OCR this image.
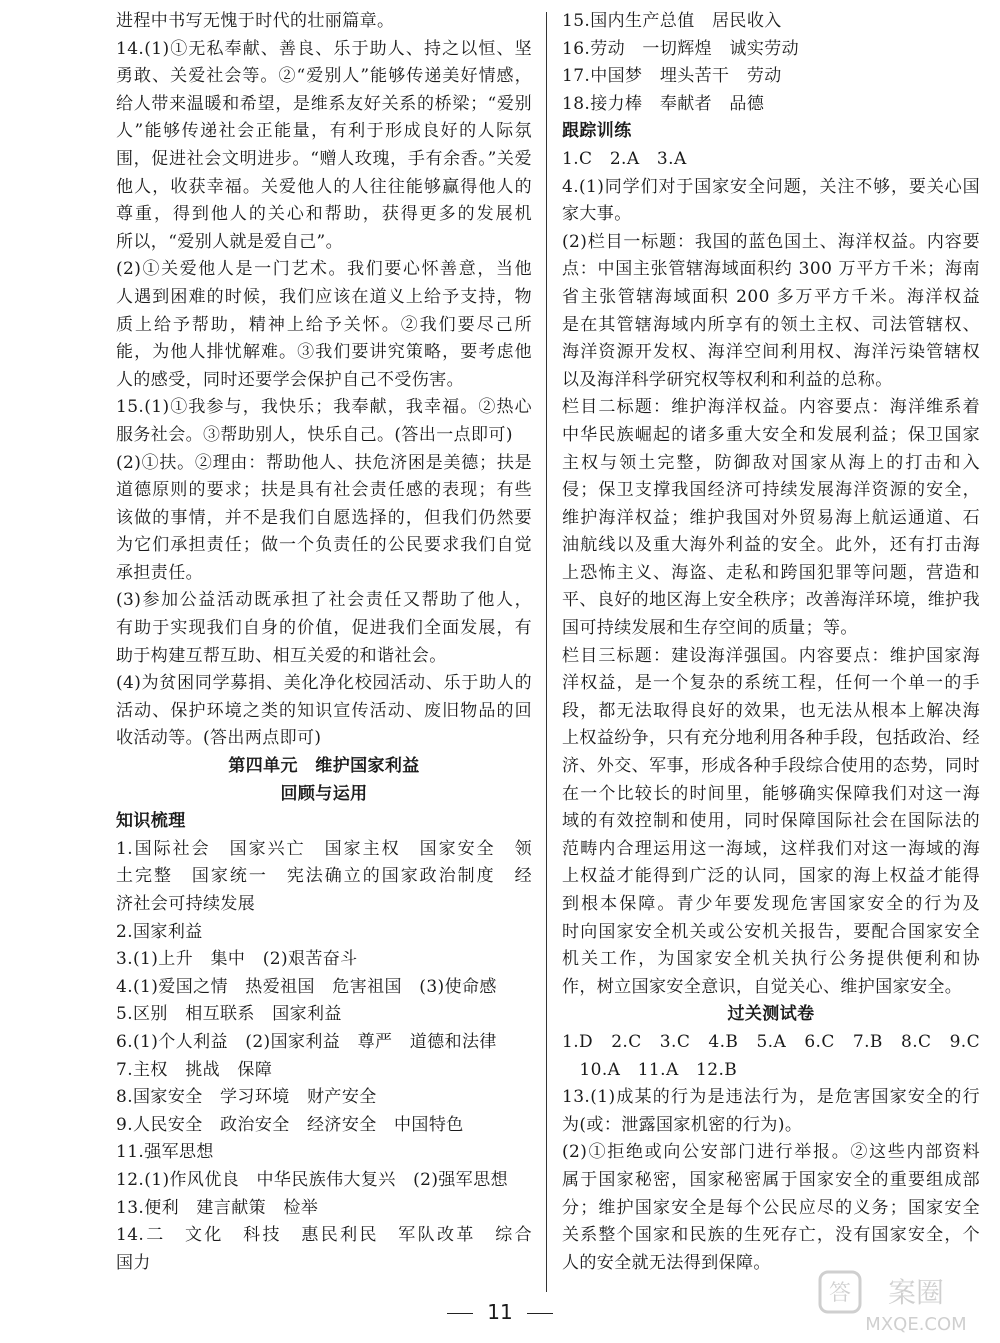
进程中书写无愧于时代的壮丽篇章。
14.(1)①无私奉献、善良、乐于助人、持之以恒、坚
勇敢、关爱社会等。②“爱别人”能够传递美好情感，
给人带来温暖和希望，是维系友好关系的桥梁；“爱别
人”能够传递社会正能量，有利于形成良好的人际氛
围，促进社会文明进步。“赠人玫瑰，手有余香。”关爱
他人，收获幸福。关爱他人的人往往能够赢得他人的
尊重，得到他人的关心和帮助，获得更多的发展机
所以，“爱别人就是爱自己”。
(2)①关爱他人是一门艺术。我们要心怀善意，当他
人遇到困难的时候，我们应该在道义上给予支持，物
质上给予帮助，精神上给予关怀。②我们要尽己所
能，为他人排忧解难。③我们要讲究策略，要考虑他
人的感受，同时还要学会保护自己不受伤害。
15.(1)①我参与，我快乐；我奉献，我幸福。②热心
服务社会。③帮助别人，快乐自己。(答出一点即可)
(2)①扶。②理由：帮助他人、扶危济困是美德；扶是
道德原则的要求；扶是具有社会责任感的表现；有些
该做的事情，并不是我们自愿选择的，但我们仍然要
为它们承担责任；做一个负责任的公民要求我们自觉
承担责任。
(3)参加公益活动既承担了社会责任又帮助了他人，
有助于实现我们自身的价值，促进我们全面发展，有
助于构建互帮互助、相互关爱的和谐社会。
(4)为贫困同学募捐、美化净化校园活动、乐于助人的
活动、保护环境之类的知识宣传活动、废旧物品的回
收活动等。(答出两点即可)
第四单元　维护国家利益
回顾与运用
知识梳理
1.国际社会　国家兴亡　国家主权　国家安全　领
土完整　国家统一　宪法确立的国家政治制度　经
济社会可持续发展
2.国家利益
3.(1)上升　集中　(2)艰苦奋斗
4.(1)爱国之情　热爱祖国　危害祖国　(3)使命感
5.区别　相互联系　国家利益
6.(1)个人利益　(2)国家利益　尊严　道德和法律
7.主权　挑战　保障
8.国家安全　学习环境　财产安全
9.人民安全　政治安全　经济安全　中国特色
11.强军思想
12.(1)作风优良　中华民族伟大复兴　(2)强军思想
13.便利　建言献策　检举
14.二　文化　科技　惠民利民　军队改革　综合
国力
15.国内生产总值　居民收入
16.劳动　一切辉煌　诚实劳动
17.中国梦　埋头苦干　劳动
18.接力棒　奉献者　品德
跟踪训练
1.C　2.A　3.A
4.(1)同学们对于国家安全问题，关注不够，要关心国
家大事。
(2)栏目一标题：我国的蓝色国土、海洋权益。内容要
点：中国主张管辖海域面积约 300 万平方千米；海南
省主张管辖海域面积 200 多万平方千米。海洋权益
是在其管辖海域内所享有的领土主权、司法管辖权、
海洋资源开发权、海洋空间利用权、海洋污染管辖权
以及海洋科学研究权等权利和利益的总称。
栏目二标题：维护海洋权益。内容要点：海洋维系着
中华民族崛起的诸多重大安全和发展利益；保卫国家
主权与领土完整，防御敌对国家从海上的打击和入
侵；保卫支撑我国经济可持续发展海洋资源的安全，
维护海洋权益；维护我国对外贸易海上航运通道、石
油航线以及重大海外利益的安全。此外，还有打击海
上恐怖主义、海盗、走私和跨国犯罪等问题，营造和
平、良好的地区海上安全秩序；改善海洋环境，维护我
国可持续发展和生存空间的质量；等。
栏目三标题：建设海洋强国。内容要点：维护国家海
洋权益，是一个复杂的系统工程，任何一个单一的手
段，都无法取得良好的效果，也无法从根本上解决海
上权益纷争，只有充分地利用各种手段，包括政治、经
济、外交、军事，形成各种手段综合使用的态势，同时
在一个比较长的时间里，能够确实保障我们对这一海
域的有效控制和使用，同时保障国际社会在国际法的
范畴内合理运用这一海域，这样我们对这一海域的海
上权益才能得到广泛的认同，国家的海上权益才能得
到根本保障。青少年要发现危害国家安全的行为及
时向国家安全机关或公安机关报告，要配合国家安全
机关工作，为国家安全机关执行公务提供便利和协
作，树立国家安全意识，自觉关心、维护国家安全。
过关测试卷
1.D　2.C　3.C　4.B　5.A　6.C　7.B　8.C　9.C
　10.A　11.A　12.B
13.(1)成某的行为是违法行为，是危害国家安全的行
为(或：泄露国家机密的行为)。
(2)①拒绝或向公安部门进行举报。②这些内部资料
属于国家秘密，国家秘密属于国家安全的重要组成部
分；维护国家安全是每个公民应尽的义务；国家安全
关系整个国家和民族的生死存亡，没有国家安全，个
人的安全就无法得到保障。
11
答 案圈
MXQE.COM
